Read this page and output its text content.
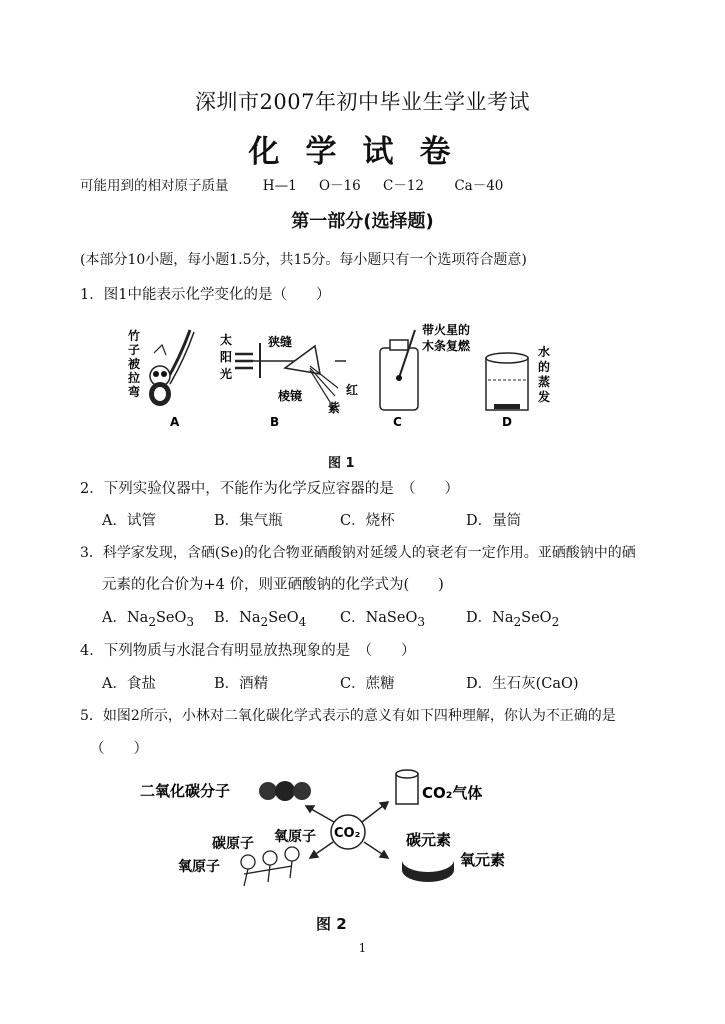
深圳市2007年初中毕业生学业考试
化学试卷
可能用到的相对原子质量	H—1 O－16 C－12 Ca－40
第一部分(选择题)
(本部分10小题，每小题1.5分，共15分。每小题只有一个选项符合题意)
1．图1中能表示化学变化的是（　　）
竹
子
被
拉
弯
A
太
阳
光
狭缝
棱镜	红
紫
B
带火星的
木条复燃
C
水
的
蒸
发
D
图 1
2．下列实验仪器中，不能作为化学反应容器的是　（　　）
A．试管	B．集气瓶	C．烧杯	D．量筒
3．科学家发现，含硒(Se)的化合物亚硒酸钠对延缓人的衰老有一定作用。亚硒酸钠中的硒
元素的化合价为+4 价，则亚硒酸钠的化学式为(　　)
A．$Na_2SeO_3$ B．$Na_2SeO_4$ C．NaSeO$_3$	D．$Na_2SeO_2$
4．下列物质与水混合有明显放热现象的是　（　　）
A．食盐	B．酒精	C．蔗糖	D．生石灰(CaO)
5．如图2所示，小林对二氧化碳化学式表示的意义有如下四种理解，你认为不正确的是
（　　）
二氧化碳分子	CO₂气体
CO₂
碳原子 氧原子
氧原子
碳元素
氧元素
图 2
1
